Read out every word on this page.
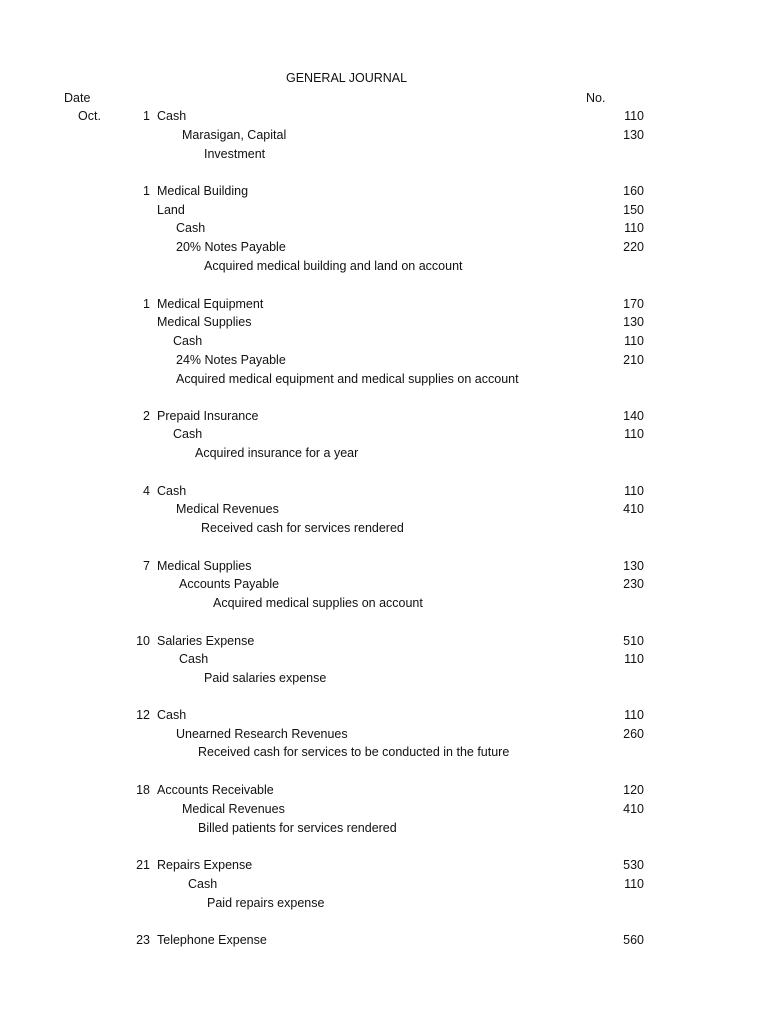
GENERAL JOURNAL
Date	No.
Oct.	1 Cash	110
Marasigan, Capital	130
Investment
1 Medical Building	160
Land	150
Cash	110
20% Notes Payable	220
Acquired medical building and land on account
1 Medical Equipment	170
Medical Supplies	130
Cash	110
24% Notes Payable	210
Acquired medical equipment and medical supplies on account
2 Prepaid Insurance	140
Cash	110
Acquired insurance for a year
4 Cash	110
Medical Revenues	410
Received cash for services rendered
7 Medical Supplies	130
Accounts Payable	230
Acquired medical supplies on account
10 Salaries Expense	510
Cash	110
Paid salaries expense
12 Cash	110
Unearned Research Revenues	260
Received cash for services to be conducted in the future
18 Accounts Receivable	120
Medical Revenues	410
Billed patients for services rendered
21 Repairs Expense	530
Cash	110
Paid repairs expense
23 Telephone Expense	560
